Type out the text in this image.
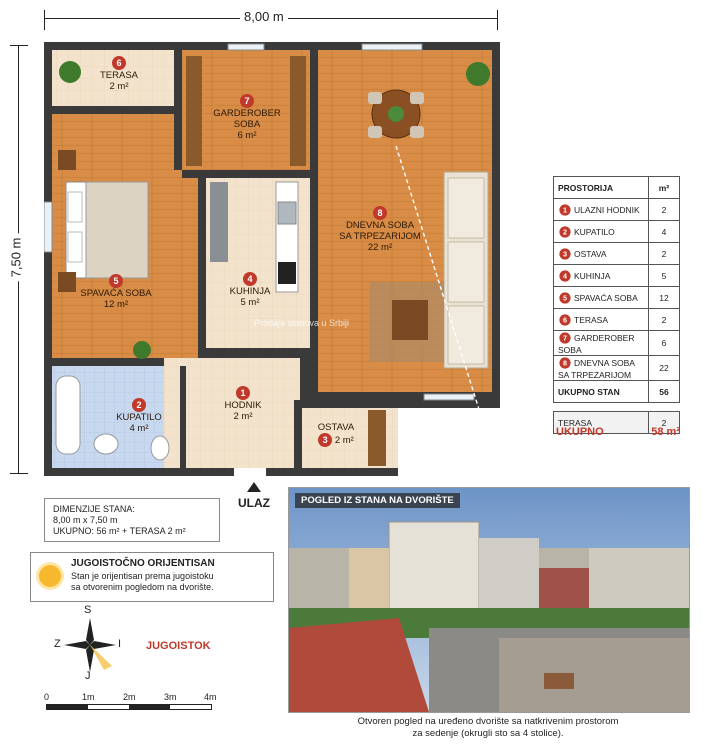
8,00 m
7,50 m
6
TERASA
2 m²
7
GARDEROBER
SOBA
6 m²
8
DNEVNA SOBA
SA TRPEZARIJOM
22 m²
4
KUHINJA
5 m²
5
SPAVAĆA SOBA
12 m²
1
HODNIK
2 m²
2
KUPATILO
4 m²	OSTAVA
3 2 m²
Prodaja stanova u Srbiji
ULAZ
PROSTORIJA	m²
1 ULAZNI HODNIK	2
2 KUPATILO	4
3 OSTAVA	2
4 KUHINJA	5
5 SPAVAĆA SOBA	12
6 TERASA	2
7 GARDEROBER SOBA	6
8 DNEVNA SOBA SA TRPEZARIJOM	22
UKUPNO STAN	56
TERASA	2
UKUPNO	58 m²
DIMENZIJE STANA:
8,00 m x 7,50 m
UKUPNO: 56 m² + TERASA 2 m²
JUGOISTOČNO ORIJENTISAN
Stan je orijentisan prema jugoistoku
sa otvorenim pogledom na dvorište.
S
J
Z	I JUGOISTOK
0	1m	2m	3m	4m
POGLED IZ STANA NA DVORIŠTE
Otvoren pogled na uređeno dvorište sa natkrivenim prostorom
za sedenje (okrugli sto sa 4 stolice).
